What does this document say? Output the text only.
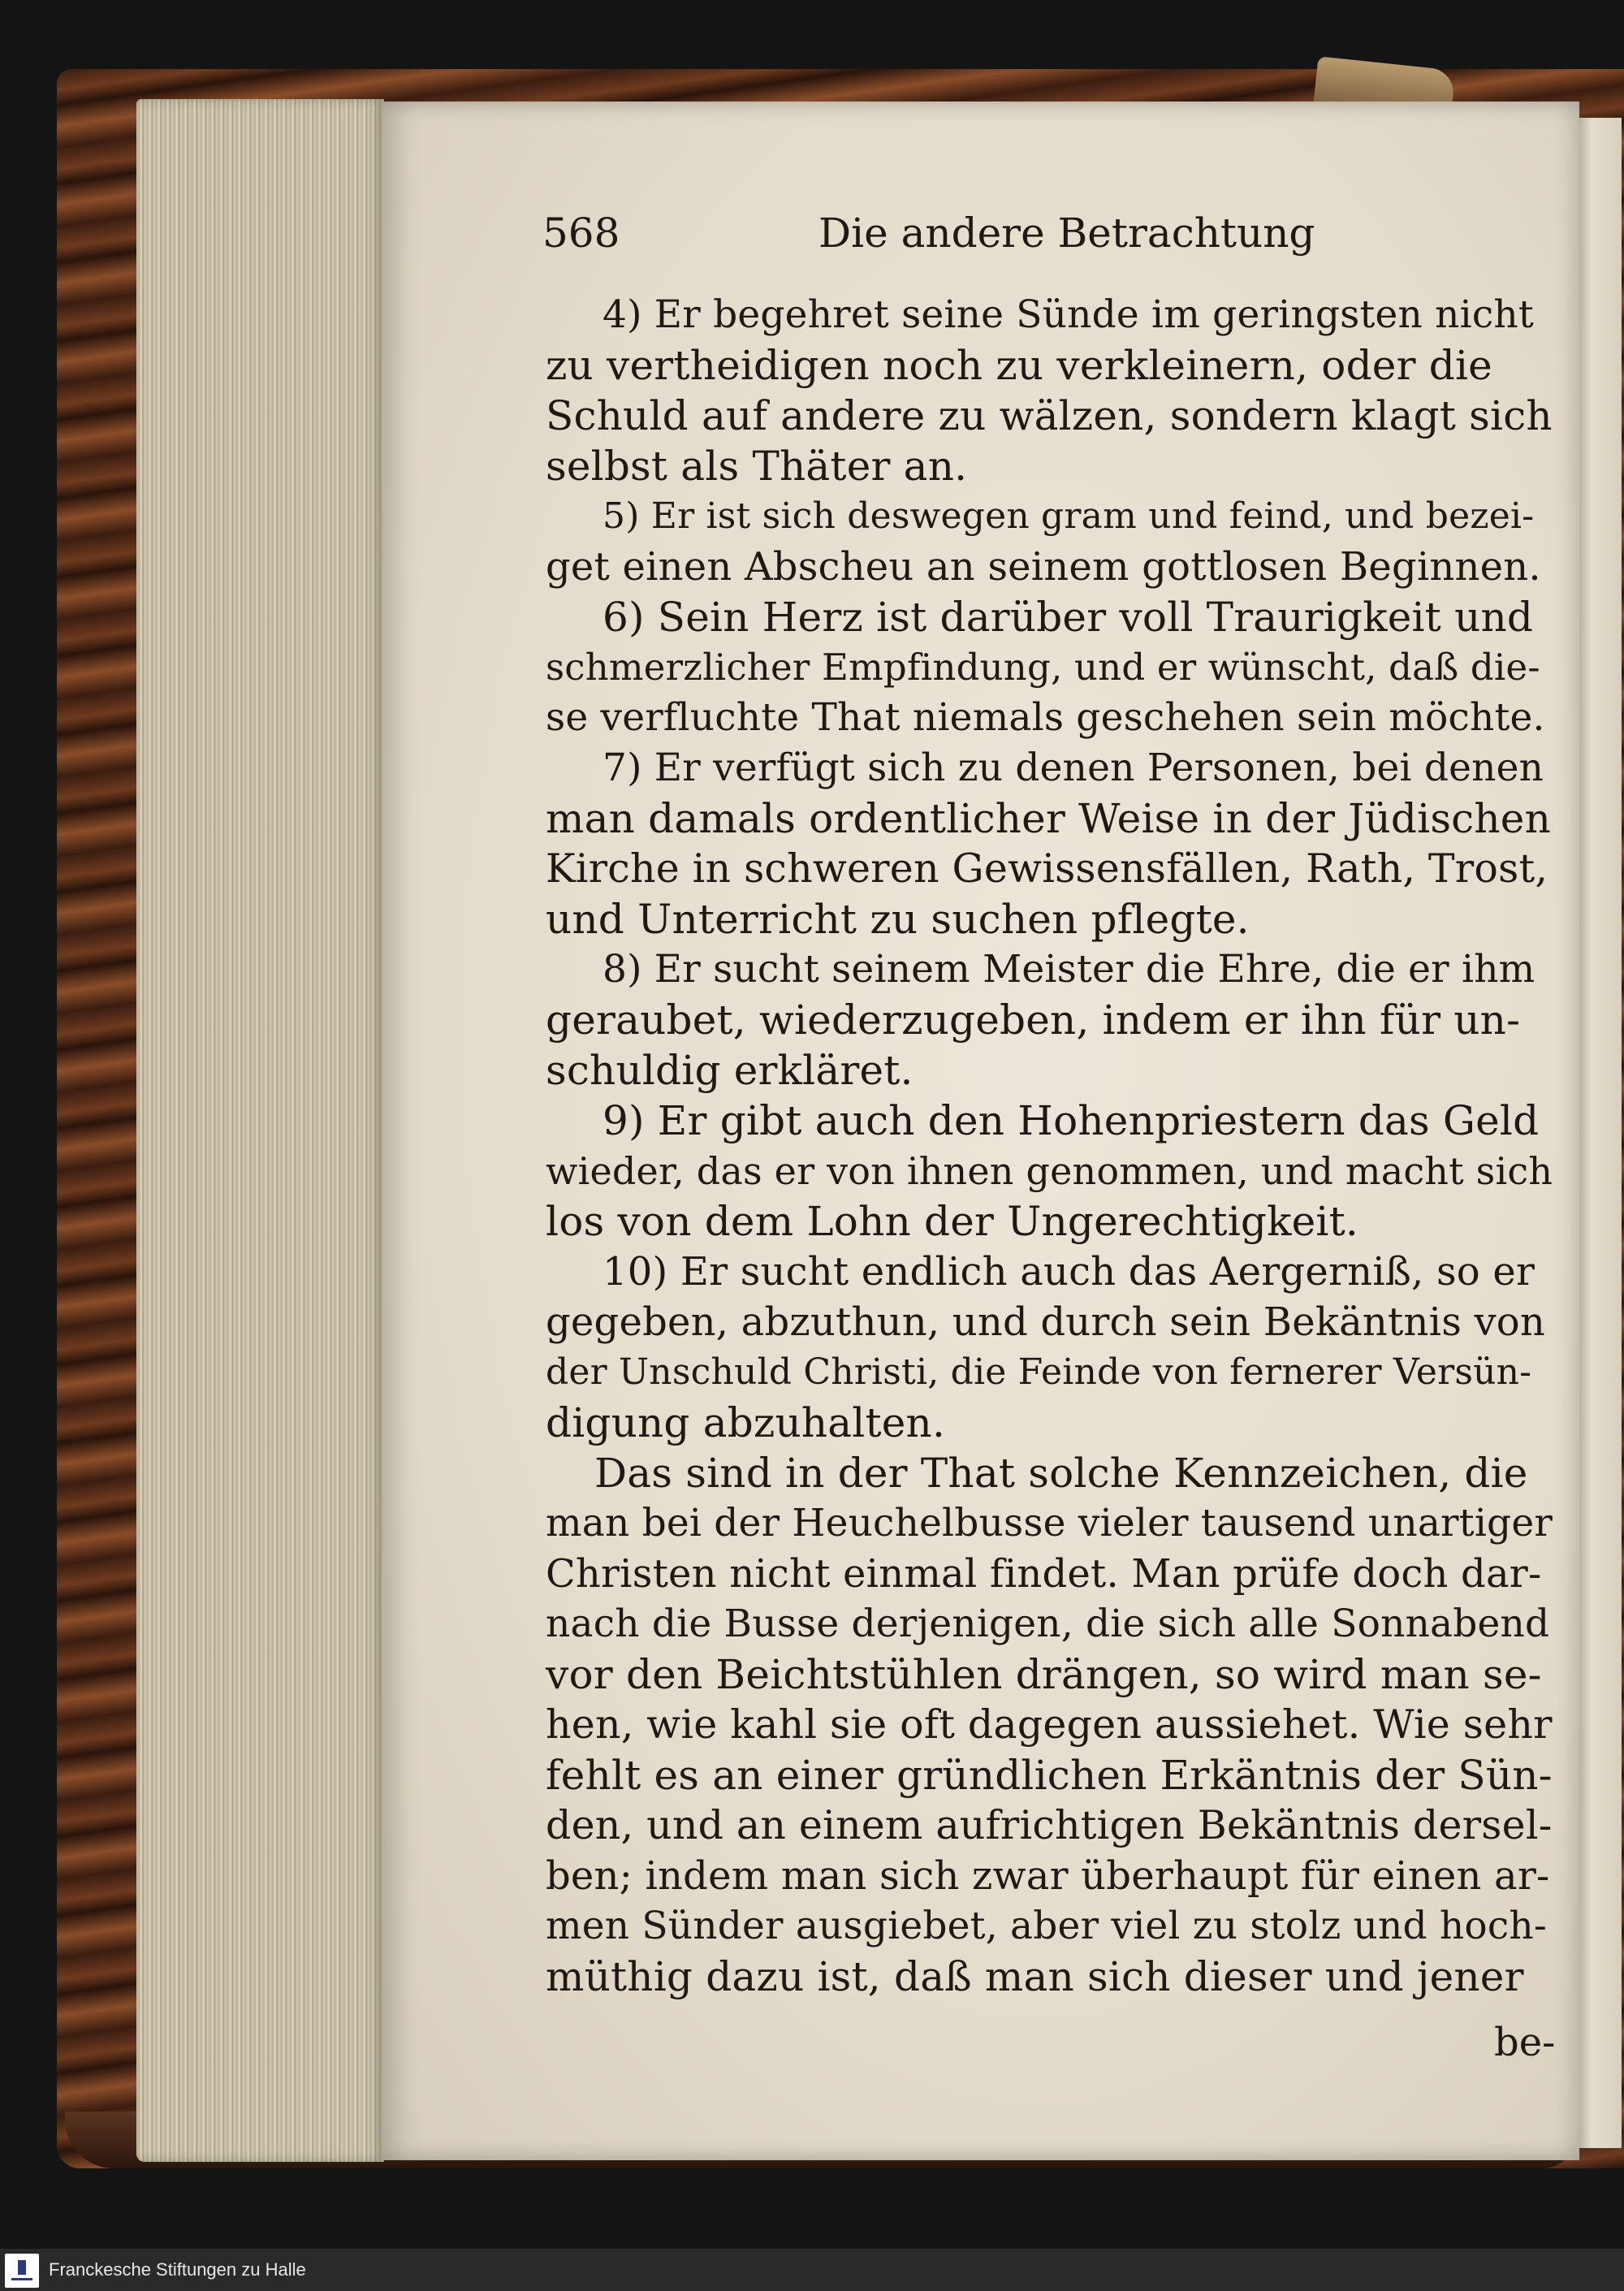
568	Die andere Betrachtung

4) Er begehret seine Sünde im geringsten nicht
zu vertheidigen noch zu verkleinern, oder die
Schuld auf andere zu wälzen, sondern klagt sich
selbst als Thäter an.

5) Er ist sich deswegen gram und feind, und bezei-
get einen Abscheu an seinem gottlosen Beginnen.

6) Sein Herz ist darüber voll Traurigkeit und
schmerzlicher Empfindung, und er wünscht, daß die-
se verfluchte That niemals geschehen sein möchte.

7) Er verfügt sich zu denen Personen, bei denen
man damals ordentlicher Weise in der Jüdischen
Kirche in schweren Gewissensfällen, Rath, Trost,
und Unterricht zu suchen pflegte.

8) Er sucht seinem Meister die Ehre, die er ihm
geraubet, wiederzugeben, indem er ihn für un-
schuldig erkläret.

9) Er gibt auch den Hohenpriestern das Geld
wieder, das er von ihnen genommen, und macht sich
los von dem Lohn der Ungerechtigkeit.

10) Er sucht endlich auch das Aergerniß, so er
gegeben, abzuthun, und durch sein Bekäntnis von
der Unschuld Christi, die Feinde von fernerer Versün-
digung abzuhalten.

Das sind in der That solche Kennzeichen, die
man bei der Heuchelbusse vieler tausend unartiger
Christen nicht einmal findet. Man prüfe doch dar-
nach die Busse derjenigen, die sich alle Sonnabend
vor den Beichtstühlen drängen, so wird man se-
hen, wie kahl sie oft dagegen aussiehet. Wie sehr
fehlt es an einer gründlichen Erkäntnis der Sün-
den, und an einem aufrichtigen Bekäntnis dersel-
ben; indem man sich zwar überhaupt für einen ar-
men Sünder ausgiebet, aber viel zu stolz und hoch-
müthig dazu ist, daß man sich dieser und jener

be-
Franckesche Stiftungen zu Halle
